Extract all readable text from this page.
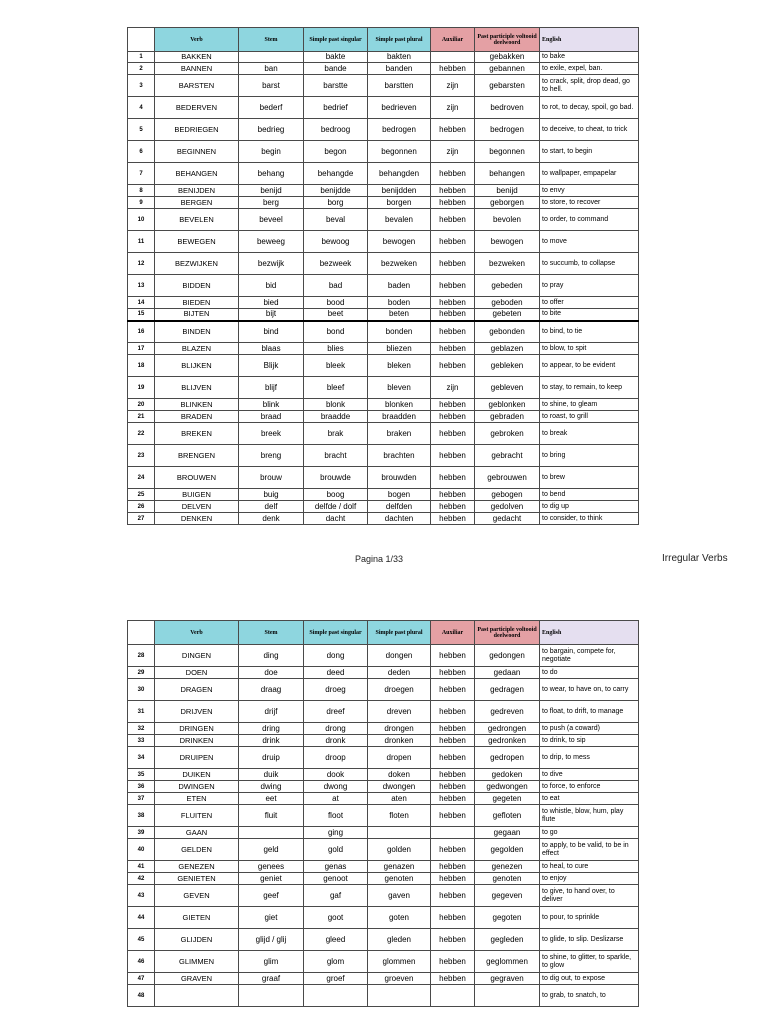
	Verb	Stem	Simple past singular	Simple past plural	Auxiliar	Past participle voltooid deelwoord	English
1	BAKKEN		bakte	bakten		gebakken	to bake
2	BANNEN	ban	bande	banden	hebben	gebannen	to exile, expel, ban.
3	BARSTEN	barst	barstte	barstten	zijn	gebarsten	to crack, split, drop dead, go to hell.
4	BEDERVEN	bederf	bedrief	bedrieven	zijn	bedroven	to rot, to decay, spoil, go bad.
5	BEDRIEGEN	bedrieg	bedroog	bedrogen	hebben	bedrogen	to deceive, to cheat, to trick
6	BEGINNEN	begin	begon	begonnen	zijn	begonnen	to start, to begin
7	BEHANGEN	behang	behangde	behangden	hebben	behangen	to wallpaper, empapelar
8	BENIJDEN	benijd	benijdde	benijdden	hebben	benijd	to envy
9	BERGEN	berg	borg	borgen	hebben	geborgen	to store, to recover
10	BEVELEN	beveel	beval	bevalen	hebben	bevolen	to order, to command
11	BEWEGEN	beweeg	bewoog	bewogen	hebben	bewogen	to move
12	BEZWIJKEN	bezwijk	bezweek	bezweken	hebben	bezweken	to succumb, to collapse
13	BIDDEN	bid	bad	baden	hebben	gebeden	to pray
14	BIEDEN	bied	bood	boden	hebben	geboden	to offer
15	BIJTEN	bijt	beet	beten	hebben	gebeten	to bite
16	BINDEN	bind	bond	bonden	hebben	gebonden	to bind, to tie
17	BLAZEN	blaas	blies	bliezen	hebben	geblazen	to blow, to spit
18	BLIJKEN	Blijk	bleek	bleken	hebben	gebleken	to appear, to be evident
19	BLIJVEN	blijf	bleef	bleven	zijn	gebleven	to stay, to remain, to keep
20	BLINKEN	blink	blonk	blonken	hebben	geblonken	to shine, to gleam
21	BRADEN	braad	braadde	braadden	hebben	gebraden	to roast, to grill
22	BREKEN	breek	brak	braken	hebben	gebroken	to break
23	BRENGEN	breng	bracht	brachten	hebben	gebracht	to bring
24	BROUWEN	brouw	brouwde	brouwden	hebben	gebrouwen	to brew
25	BUIGEN	buig	boog	bogen	hebben	gebogen	to bend
26	DELVEN	delf	delfde / dolf	delfden	hebben	gedolven	to dig up
27	DENKEN	denk	dacht	dachten	hebben	gedacht	to consider, to think
Pagina 1/33	Irregular Verbs
	Verb	Stem	Simple past singular	Simple past plural	Auxiliar	Past participle voltooid deelwoord	English
28	DINGEN	ding	dong	dongen	hebben	gedongen	to bargain, compete for, negotiate
29	DOEN	doe	deed	deden	hebben	gedaan	to do
30	DRAGEN	draag	droeg	droegen	hebben	gedragen	to wear, to have on, to carry
31	DRIJVEN	drijf	dreef	dreven	hebben	gedreven	to float, to drift, to manage
32	DRINGEN	dring	drong	drongen	hebben	gedrongen	to push (a coward)
33	DRINKEN	drink	dronk	dronken	hebben	gedronken	to drink, to sip
34	DRUIPEN	druip	droop	dropen	hebben	gedropen	to drip, to mess
35	DUIKEN	duik	dook	doken	hebben	gedoken	to dive
36	DWINGEN	dwing	dwong	dwongen	hebben	gedwongen	to force, to enforce
37	ETEN	eet	at	aten	hebben	gegeten	to eat
38	FLUITEN	fluit	floot	floten	hebben	gefloten	to whistle, blow, hum, play flute
39	GAAN		ging			gegaan	to go
40	GELDEN	geld	gold	golden	hebben	gegolden	to apply, to be valid, to be in effect
41	GENEZEN	genees	genas	genazen	hebben	genezen	to heal, to cure
42	GENIETEN	geniet	genoot	genoten	hebben	genoten	to enjoy
43	GEVEN	geef	gaf	gaven	hebben	gegeven	to give, to hand over, to deliver
44	GIETEN	giet	goot	goten	hebben	gegoten	to pour, to sprinkle
45	GLIJDEN	glijd / glij	gleed	gleden	hebben	gegleden	to glide, to slip. Deslizarse
46	GLIMMEN	glim	glom	glommen	hebben	geglommen	to shine, to glitter, to sparkle, to glow
47	GRAVEN	graaf	groef	groeven	hebben	gegraven	to dig out, to expose
48							to grab, to snatch, to
